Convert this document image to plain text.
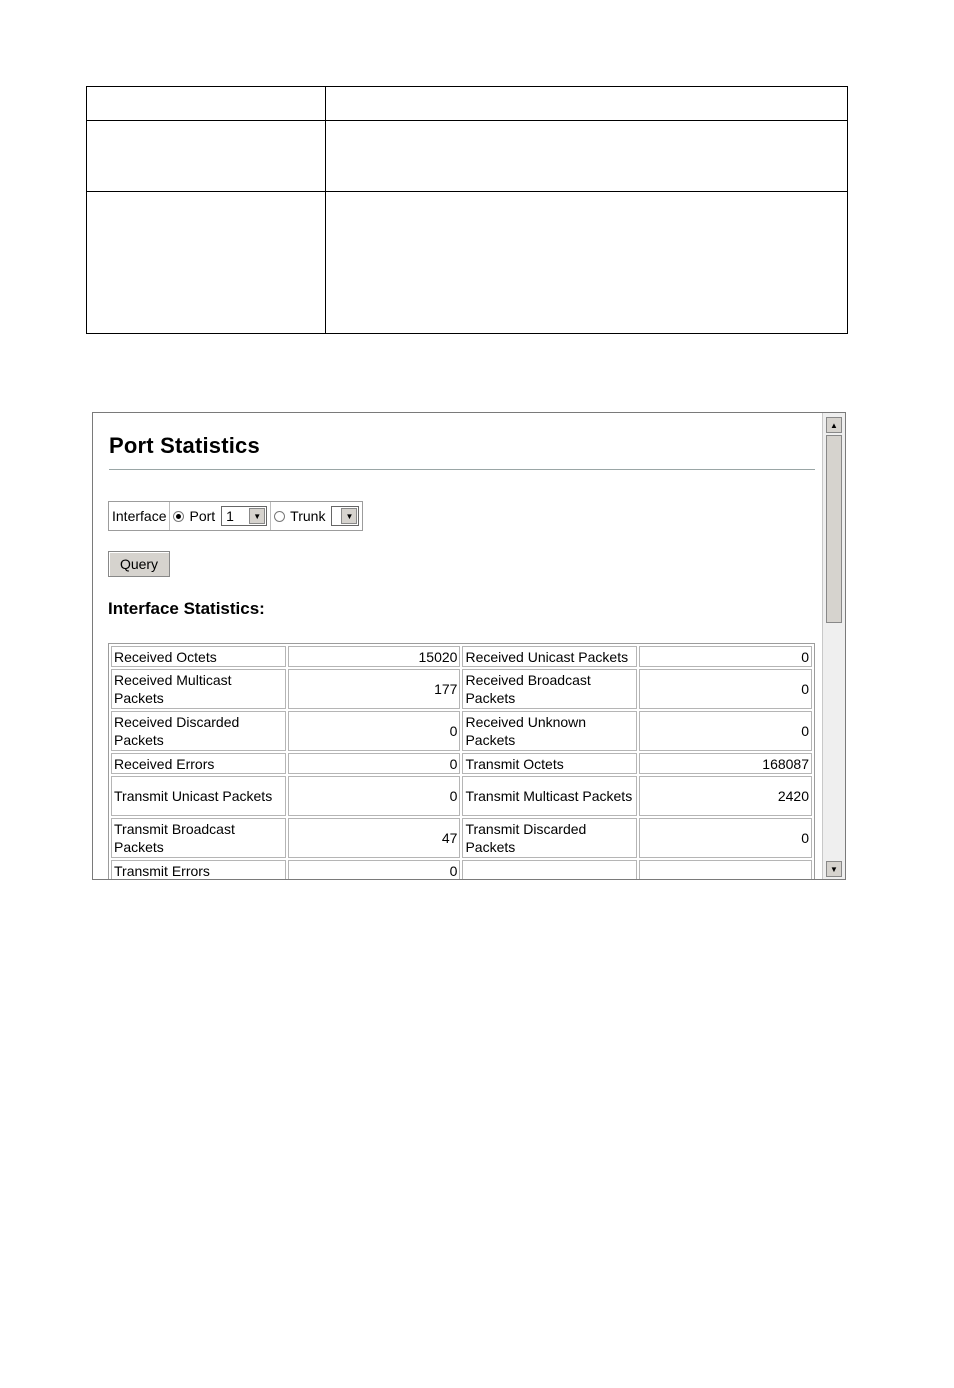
Port Statistics
Interface Port 1	▼ Trunk	▼
Query
Interface Statistics:
Received Octets	15020	Received Unicast Packets	0
Received Multicast Packets	177	Received Broadcast Packets	0
Received Discarded Packets	0	Received Unknown Packets	0
Received Errors	0	Transmit Octets	168087
Transmit Unicast Packets	0	Transmit Multicast Packets	2420
Transmit Broadcast Packets	47	Transmit Discarded Packets	0
Transmit Errors	0		
▲
▼
